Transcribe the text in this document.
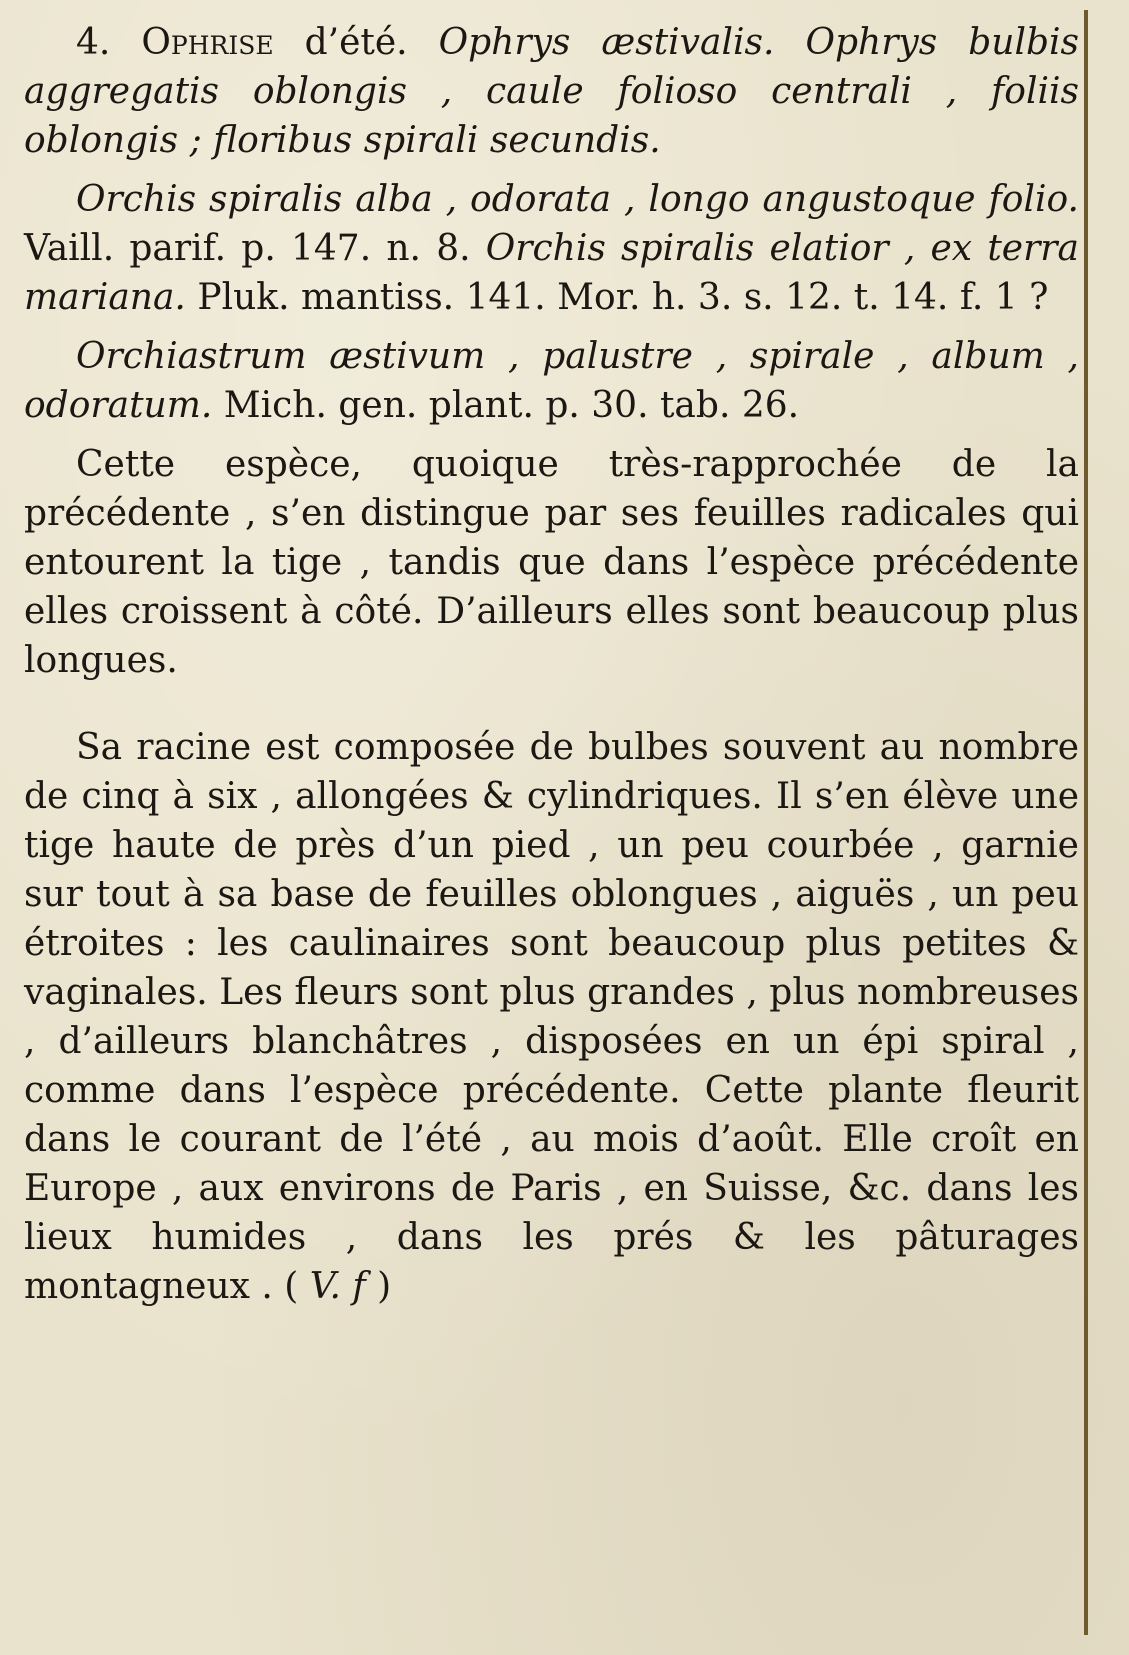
4. Ophrise d’été. Ophrys æstivalis. Ophrys bulbis aggregatis oblongis , caule folioso centrali , foliis oblongis ; floribus spirali secundis.

Orchis spiralis alba , odorata , longo angustoque folio. Vaill. parif. p. 147. n. 8. Orchis spiralis elatior , ex terra mariana. Pluk. mantiss. 141. Mor. h. 3. s. 12. t. 14. f. 1 ?

Orchiastrum æstivum , palustre , spirale , album , odoratum. Mich. gen. plant. p. 30. tab. 26.

Cette espèce, quoique très-rapprochée de la précédente , s’en distingue par ses feuilles radicales qui entourent la tige , tandis que dans l’espèce précédente elles croissent à côté. D’ailleurs elles sont beaucoup plus longues.

Sa racine est composée de bulbes souvent au nombre de cinq à six , allongées & cylindriques. Il s’en élève une tige haute de près d’un pied , un peu courbée , garnie sur tout à sa base de feuilles oblongues , aiguës , un peu étroites : les caulinaires sont beaucoup plus petites & vaginales. Les fleurs sont plus grandes , plus nombreuses , d’ailleurs blanchâtres , disposées en un épi spiral , comme dans l’espèce précédente. Cette plante fleurit dans le courant de l’été , au mois d’août. Elle croît en Europe , aux environs de Paris , en Suisse, &c. dans les lieux humides , dans les prés & les pâturages montagneux . ( V. f )
